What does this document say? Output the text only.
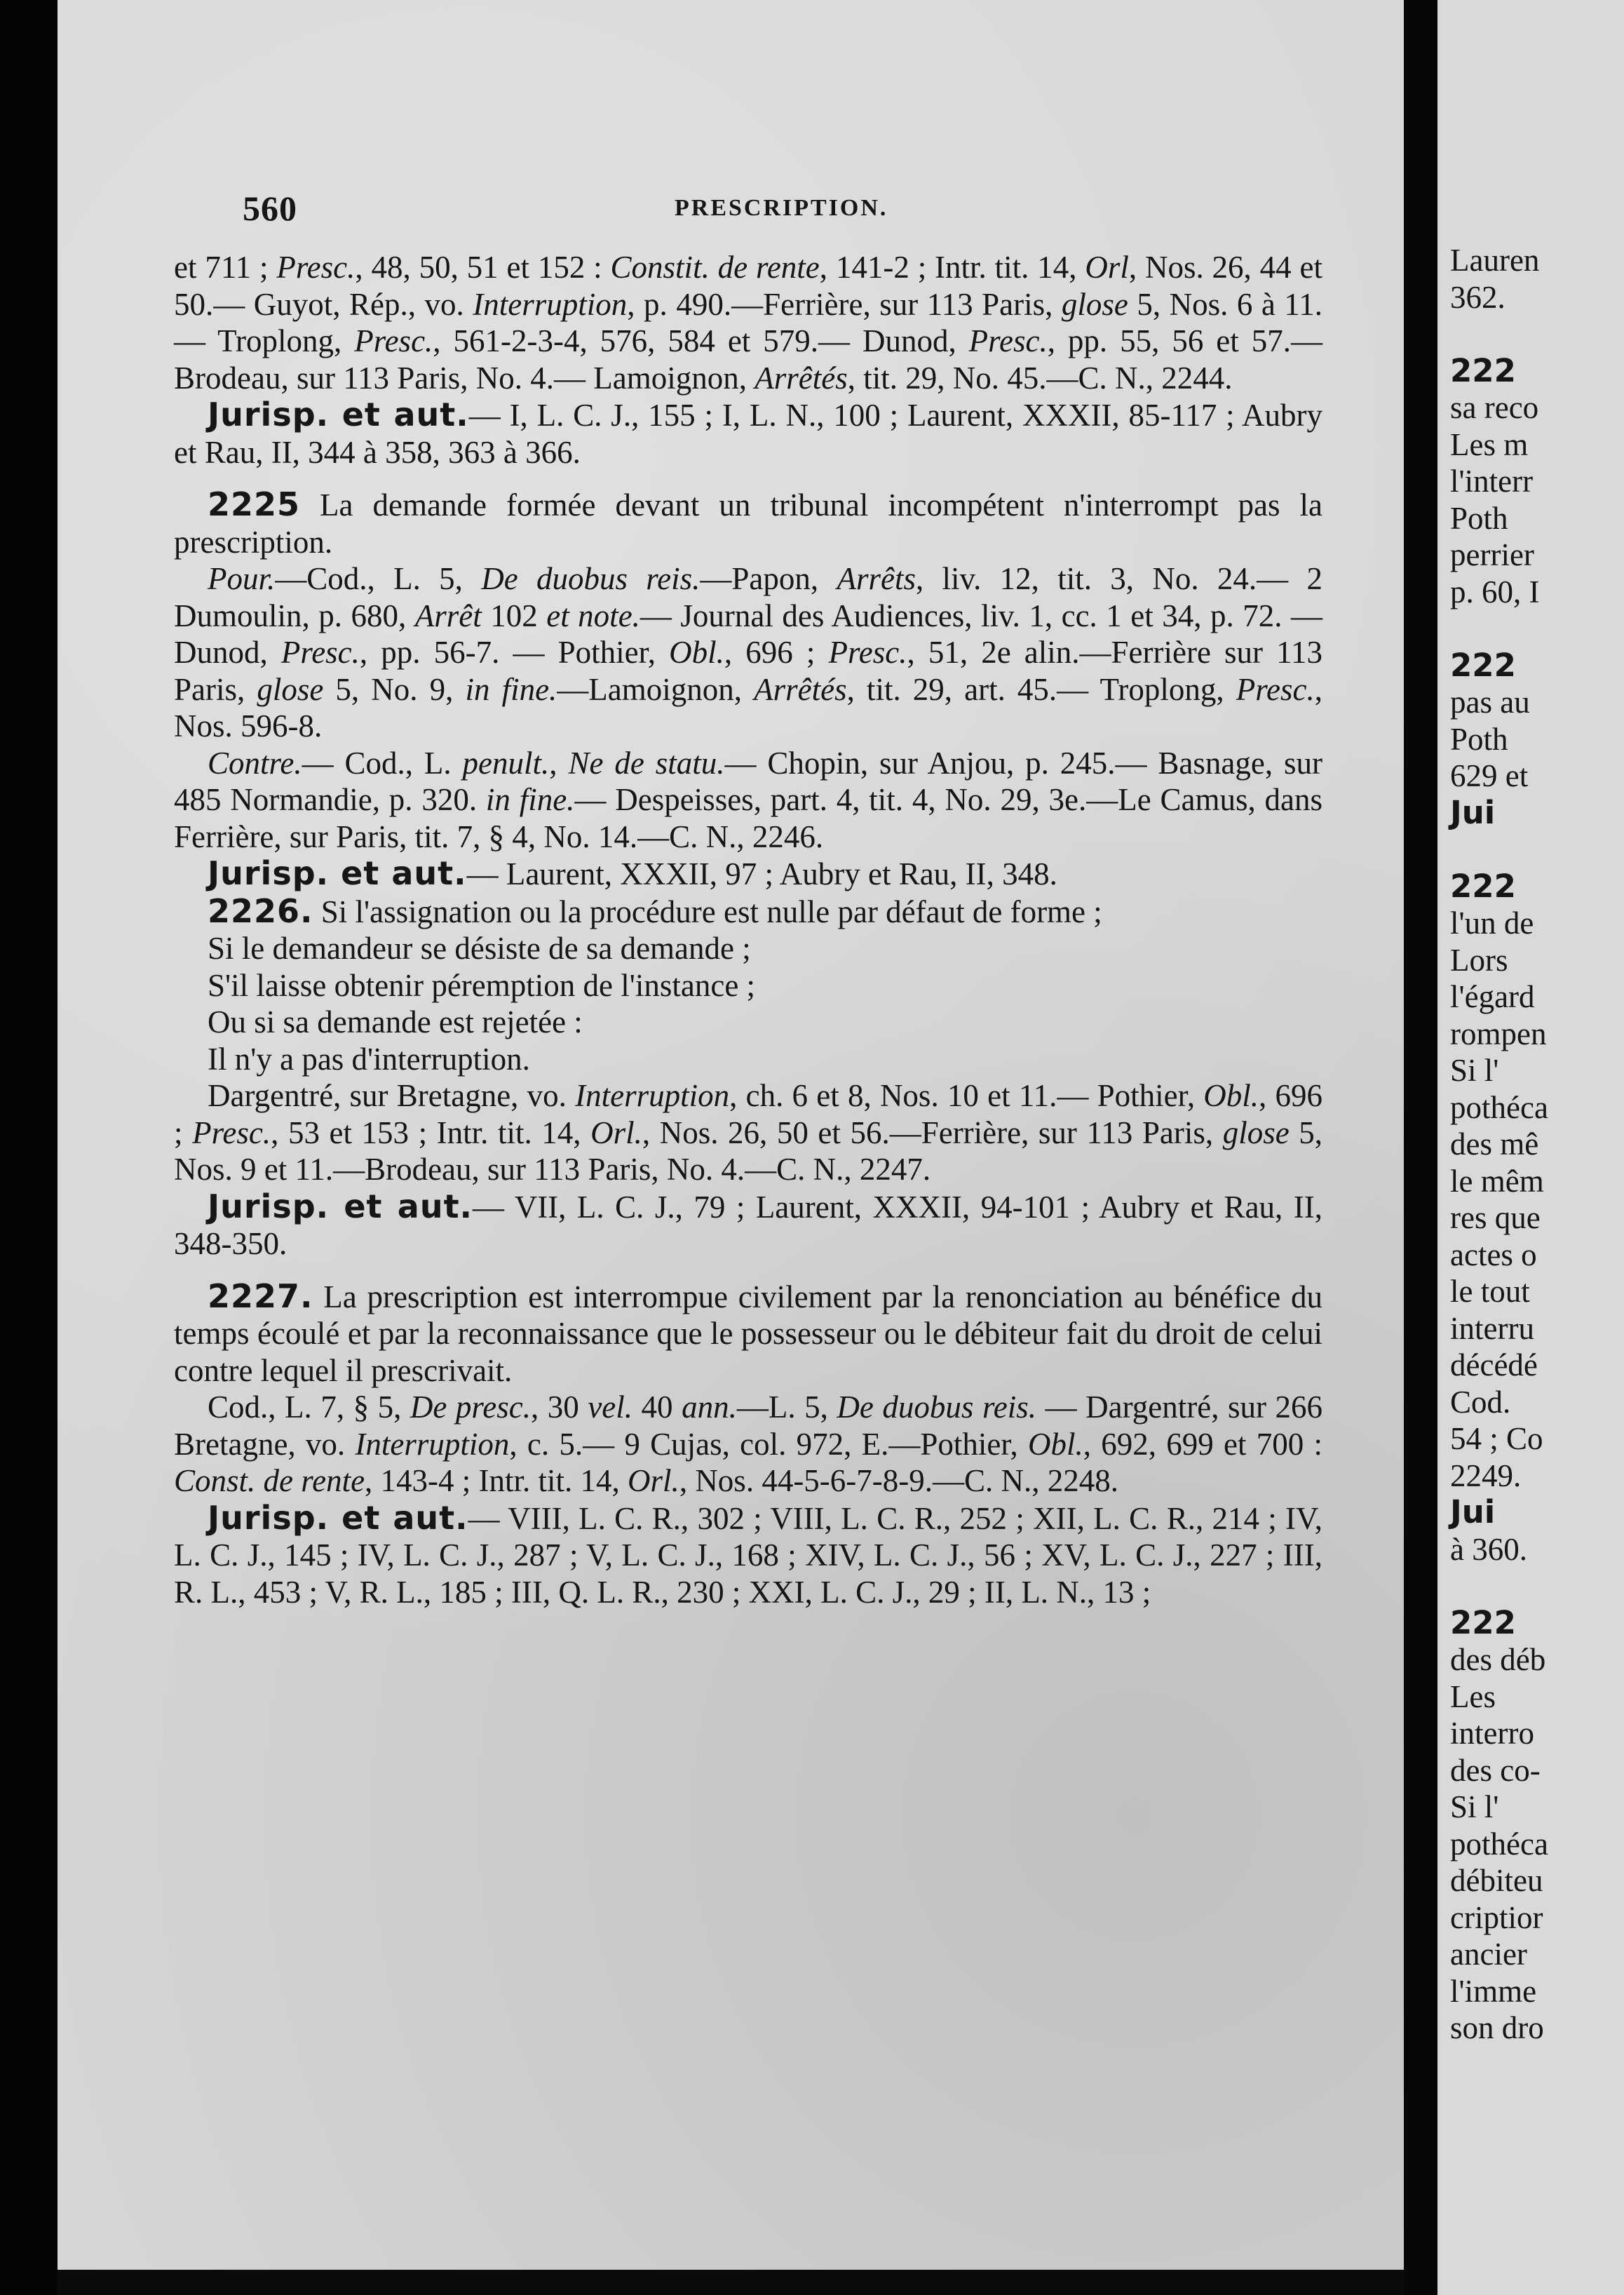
560	PRESCRIPTION.

et 711 ; Presc., 48, 50, 51 et 152 : Constit. de rente, 141-2 ; Intr. tit. 14, Orl, Nos. 26, 44 et 50.— Guyot, Rép., vo. Interruption, p. 490.—Ferrière, sur 113 Paris, glose 5, Nos. 6 à 11.— Troplong, Presc., 561-2-3-4, 576, 584 et 579.— Dunod, Presc., pp. 55, 56 et 57.—Brodeau, sur 113 Paris, No. 4.— Lamoignon, Arrêtés, tit. 29, No. 45.—C. N., 2244.

Jurisp. et aut.— I, L. C. J., 155 ; I, L. N., 100 ; Laurent, XXXII, 85-117 ; Aubry et Rau, II, 344 à 358, 363 à 366.

2225 La demande formée devant un tribunal incompétent n'interrompt pas la prescription.

Pour.—Cod., L. 5, De duobus reis.—Papon, Arrêts, liv. 12, tit. 3, No. 24.— 2 Dumoulin, p. 680, Arrêt 102 et note.— Journal des Audiences, liv. 1, cc. 1 et 34, p. 72. — Dunod, Presc., pp. 56-7. — Pothier, Obl., 696 ; Presc., 51, 2e alin.—Ferrière sur 113 Paris, glose 5, No. 9, in fine.—Lamoignon, Arrêtés, tit. 29, art. 45.— Troplong, Presc., Nos. 596-8.

Contre.— Cod., L. penult., Ne de statu.— Chopin, sur Anjou, p. 245.— Basnage, sur 485 Normandie, p. 320. in fine.— Despeisses, part. 4, tit. 4, No. 29, 3e.—Le Camus, dans Ferrière, sur Paris, tit. 7, § 4, No. 14.—C. N., 2246.

Jurisp. et aut.— Laurent, XXXII, 97 ; Aubry et Rau, II, 348.

2226. Si l'assignation ou la procédure est nulle par défaut de forme ;

Si le demandeur se désiste de sa demande ;

S'il laisse obtenir péremption de l'instance ;

Ou si sa demande est rejetée :

Il n'y a pas d'interruption.

Dargentré, sur Bretagne, vo. Interruption, ch. 6 et 8, Nos. 10 et 11.— Pothier, Obl., 696 ; Presc., 53 et 153 ; Intr. tit. 14, Orl., Nos. 26, 50 et 56.—Ferrière, sur 113 Paris, glose 5, Nos. 9 et 11.—Brodeau, sur 113 Paris, No. 4.—C. N., 2247.

Jurisp. et aut.— VII, L. C. J., 79 ; Laurent, XXXII, 94-101 ; Aubry et Rau, II, 348-350.

2227. La prescription est interrompue civilement par la renonciation au bénéfice du temps écoulé et par la reconnaissance que le possesseur ou le débiteur fait du droit de celui contre lequel il prescrivait.

Cod., L. 7, § 5, De presc., 30 vel. 40 ann.—L. 5, De duobus reis. — Dargentré, sur 266 Bretagne, vo. Interruption, c. 5.— 9 Cujas, col. 972, E.—Pothier, Obl., 692, 699 et 700 : Const. de rente, 143-4 ; Intr. tit. 14, Orl., Nos. 44-5-6-7-8-9.—C. N., 2248.

Jurisp. et aut.— VIII, L. C. R., 302 ; VIII, L. C. R., 252 ; XII, L. C. R., 214 ; IV, L. C. J., 145 ; IV, L. C. J., 287 ; V, L. C. J., 168 ; XIV, L. C. J., 56 ; XV, L. C. J., 227 ; III, R. L., 453 ; V, R. L., 185 ; III, Q. L. R., 230 ; XXI, L. C. J., 29 ; II, L. N., 13 ;

Lauren
362.
222
sa reco
Les m
l'interr
Poth
perrier
p. 60, I
222
pas au
Poth
629 et
Jui
222
l'un de
Lors
l'égard
rompen
Si l'
pothéca
des mê
le mêm
res que
actes o
le tout
interru
décédé
Cod.
54 ; Co
2249.
Jui
à 360.
222
des déb
Les
interro
des co-
Si l'
pothéca
débiteu
criptior
ancier
l'imme
son dro
